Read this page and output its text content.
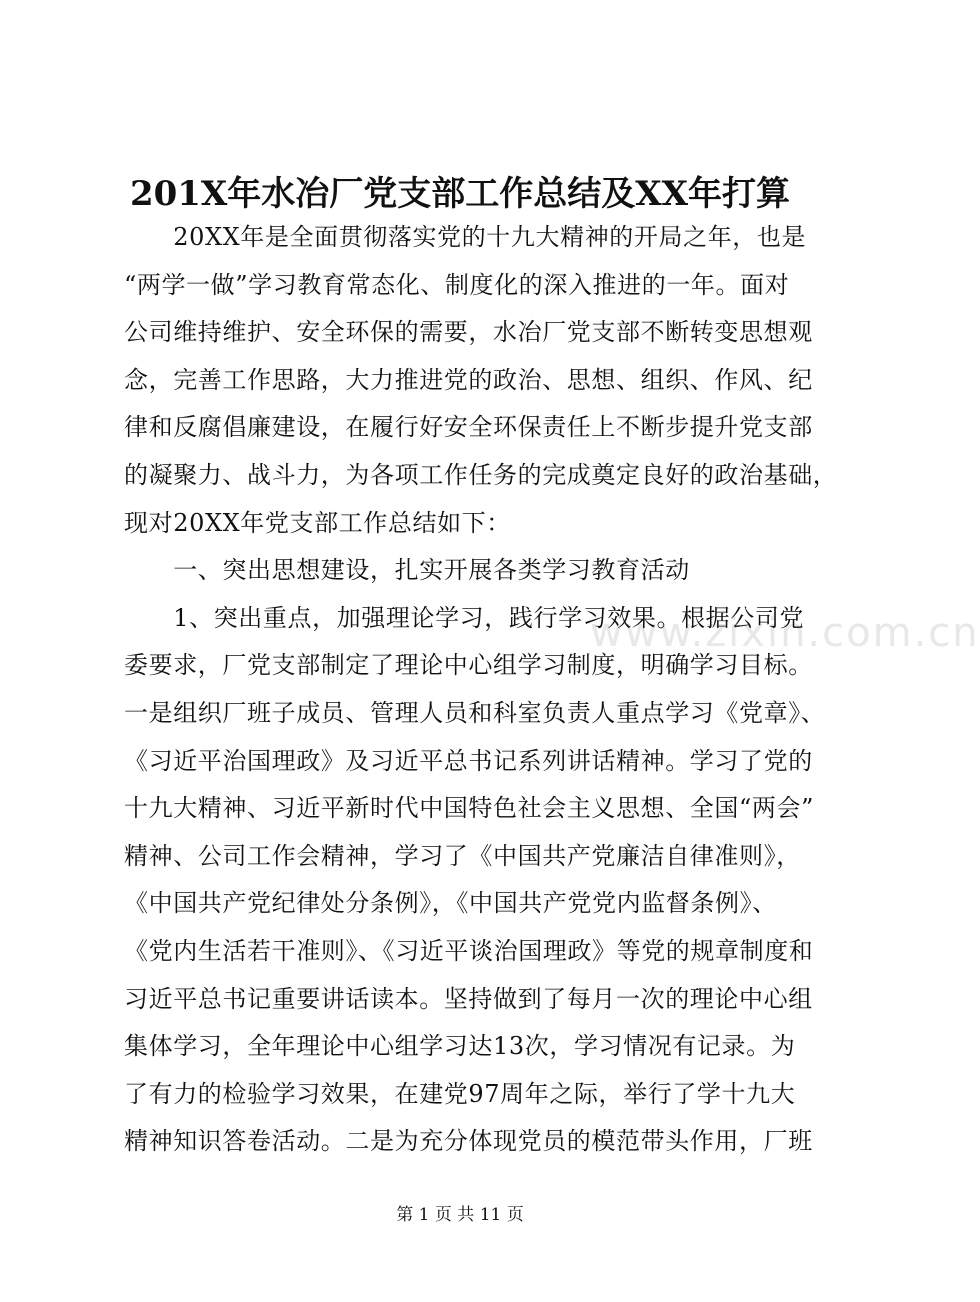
201X年水冶厂党支部工作总结及XX年打算
www.zixin.com.cn
　　20XX年是全面贯彻落实党的十九大精神的开局之年，也是
“两学一做”学习教育常态化、制度化的深入推进的一年。面对
公司维持维护、安全环保的需要，水冶厂党支部不断转变思想观
念，完善工作思路，大力推进党的政治、思想、组织、作风、纪
律和反腐倡廉建设，在履行好安全环保责任上不断步提升党支部
的凝聚力、战斗力，为各项工作任务的完成奠定良好的政治基础，
现对20XX年党支部工作总结如下：
　　一、突出思想建设，扎实开展各类学习教育活动
　　1、突出重点，加强理论学习，践行学习效果。根据公司党
委要求，厂党支部制定了理论中心组学习制度，明确学习目标。
一是组织厂班子成员、管理人员和科室负责人重点学习《党章》、
《习近平治国理政》及习近平总书记系列讲话精神。学习了党的
十九大精神、习近平新时代中国特色社会主义思想、全国“两会”
精神、公司工作会精神，学习了《中国共产党廉洁自律准则》，
《中国共产党纪律处分条例》，《中国共产党党内监督条例》、
《党内生活若干准则》、《习近平谈治国理政》等党的规章制度和
习近平总书记重要讲话读本。坚持做到了每月一次的理论中心组
集体学习，全年理论中心组学习达13次，学习情况有记录。为
了有力的检验学习效果，在建党97周年之际，举行了学十九大
精神知识答卷活动。二是为充分体现党员的模范带头作用，厂班
第 1 页 共 11 页
